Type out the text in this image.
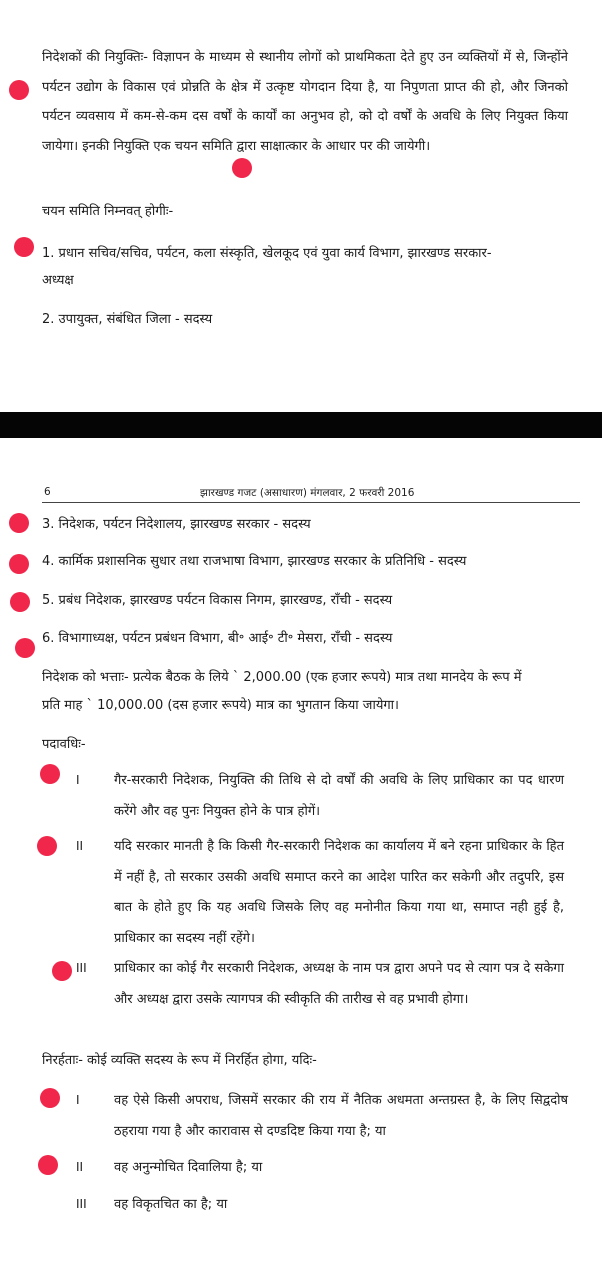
निदेशकों की नियुक्तिः- विज्ञापन के माध्यम से स्थानीय लोगों को प्राथमिकता देते हुए उन व्यक्तियों में से, जिन्होंने पर्यटन उद्योग के विकास एवं प्रोन्नति के क्षेत्र में उत्कृष्ट योगदान दिया है, या निपुणता प्राप्त की हो, और जिनको पर्यटन व्यवसाय में कम-से-कम दस वर्षों के कार्यों का अनुभव हो, को दो वर्षों के अवधि के लिए नियुक्त किया जायेगा। इनकी नियुक्ति एक चयन समिति द्वारा साक्षात्कार के आधार पर की जायेगी।
चयन समिति निम्नवत् होगीः-
1. प्रधान सचिव/सचिव, पर्यटन, कला संस्कृति, खेलकूद एवं युवा कार्य विभाग, झारखण्ड सरकार-
अध्यक्ष
2. उपायुक्त, संबंधित जिला - सदस्य
6	झारखण्ड गजट (असाधारण) मंगलवार, 2 फरवरी 2016
3. निदेशक, पर्यटन निदेशालय, झारखण्ड सरकार - सदस्य
4. कार्मिक प्रशासनिक सुधार तथा राजभाषा विभाग, झारखण्ड सरकार के प्रतिनिधि - सदस्य
5. प्रबंध निदेशक, झारखण्ड पर्यटन विकास निगम, झारखण्ड, राँची - सदस्य
6. विभागाध्यक्ष, पर्यटन प्रबंधन विभाग, बी॰ आई॰ टी॰ मेसरा, राँची - सदस्य
निदेशक को भत्ताः- प्रत्येक बैठक के लिये ` 2,000.00 (एक हजार रूपये) मात्र तथा मानदेय के रूप में
प्रति माह ` 10,000.00 (दस हजार रूपये) मात्र का भुगतान किया जायेगा।
पदावधिः-
I	गैर-सरकारी निदेशक, नियुक्ति की तिथि से दो वर्षों की अवधि के लिए प्राधिकार का पद धारण करेंगे और वह पुनः नियुक्त होने के पात्र होगें।
II	यदि सरकार मानती है कि किसी गैर-सरकारी निदेशक का कार्यालय में बने रहना प्राधिकार के हित में नहीं है, तो सरकार उसकी अवधि समाप्त करने का आदेश पारित कर सकेगी और तदुपरि, इस बात के होते हुए कि यह अवधि जिसके लिए वह मनोनीत किया गया था, समाप्त नही हुई है, प्राधिकार का सदस्य नहीं रहेंगे।
III	प्राधिकार का कोई गैर सरकारी निदेशक, अध्यक्ष के नाम पत्र द्वारा अपने पद से त्याग पत्र दे सकेगा और अध्यक्ष द्वारा उसके त्यागपत्र की स्वीकृति की तारीख से वह प्रभावी होगा।
निरर्हताः- कोई व्यक्ति सदस्य के रूप में निरर्हित होगा, यदिः-
I	वह ऐसे किसी अपराध, जिसमें सरकार की राय में नैतिक अधमता अन्तग्रस्त है, के लिए सिद्वदोष ठहराया गया है और कारावास से दण्डदिष्ट किया गया है; या
II	वह अनुन्मोचित दिवालिया है; या
III	वह विकृतचित का है; या
